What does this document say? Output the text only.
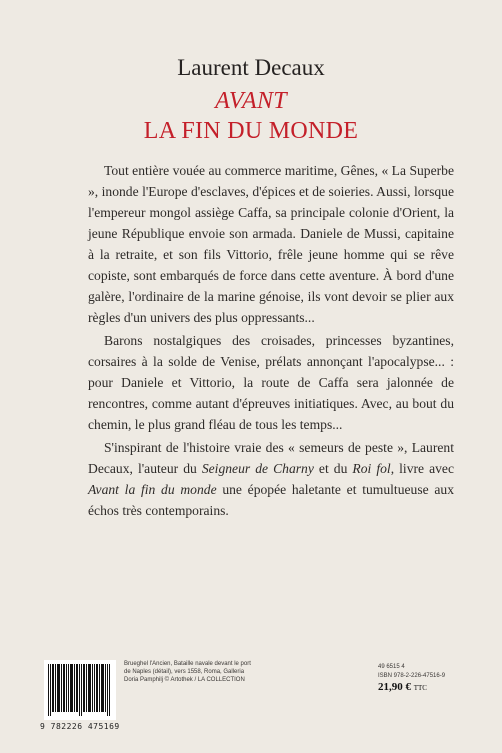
Laurent Decaux
AVANT
LA FIN DU MONDE

Tout entière vouée au commerce maritime, Gênes, « La Superbe », inonde l'Europe d'esclaves, d'épices et de soieries. Aussi, lorsque l'empereur mongol assiège Caffa, sa principale colonie d'Orient, la jeune République envoie son armada. Daniele de Mussi, capitaine à la retraite, et son fils Vittorio, frêle jeune homme qui se rêve copiste, sont embarqués de force dans cette aventure. À bord d'une galère, l'ordinaire de la marine génoise, ils vont devoir se plier aux règles d'un univers des plus oppressants...

Barons nostalgiques des croisades, princesses byzantines, corsaires à la solde de Venise, prélats annonçant l'apocalypse... : pour Daniele et Vittorio, la route de Caffa sera jalonnée de rencontres, comme autant d'épreuves initiatiques. Avec, au bout du chemin, le plus grand fléau de tous les temps...

S'inspirant de l'histoire vraie des « semeurs de peste », Laurent Decaux, l'auteur du Seigneur de Charny et du Roi fol, livre avec Avant la fin du monde une épopée haletante et tumultueuse aux échos très contemporains.

9 782226 475169
Brueghel l'Ancien, Bataille navale devant le port
de Naples (détail), vers 1558, Roma, Galleria
Doria Pamphilj © Artothek / LA COLLECTION
49 6515 4
ISBN 978-2-226-47516-9
21,90 € TTC
